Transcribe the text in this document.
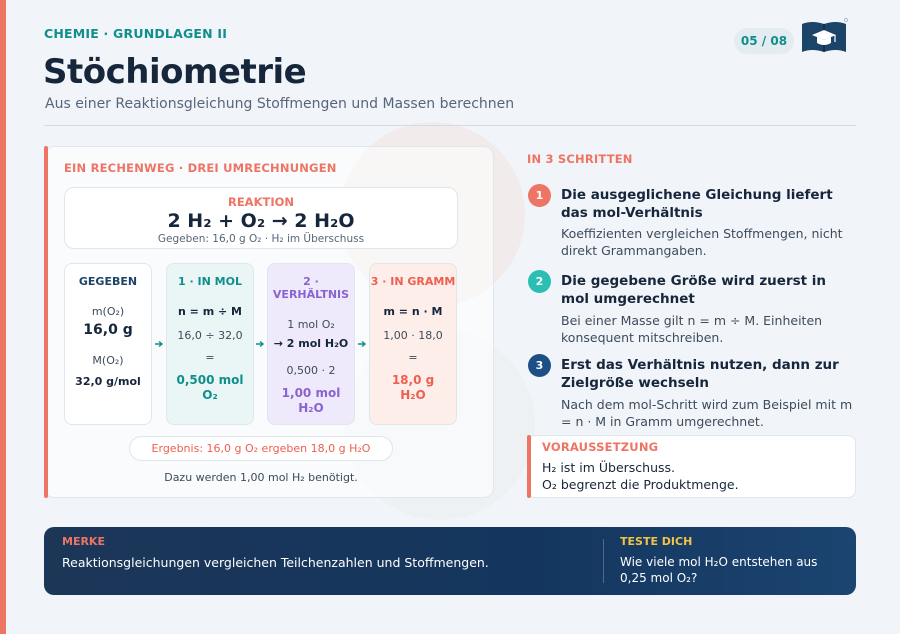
CHEMIE · GRUNDLAGEN II
Stöchiometrie
Aus einer Reaktionsgleichung Stoffmengen und Massen berechnen
05 / 08
EIN RECHENWEG · DREI UMRECHNUNGEN
REAKTION
2 H₂ + O₂ → 2 H₂O
Gegeben: 16,0 g O₂ · H₂ im Überschuss
GEGEBEN
m(O₂)
16,0 g
M(O₂)
32,0 g/mol
1 · IN MOL
n = m ÷ M
16,0 ÷ 32,0
=
0,500 mol
O₂
2 · VERHÄLTNIS
1 mol O₂
→ 2 mol H₂O
0,500 · 2
1,00 mol
H₂O
3 · IN GRAMM
m = n · M
1,00 · 18,0
=
18,0 g
H₂O
Ergebnis: 16,0 g O₂ ergeben 18,0 g H₂O
Dazu werden 1,00 mol H₂ benötigt.
IN 3 SCHRITTEN
1	Die ausgeglichene Gleichung liefert das mol-Verhältnis
Koeffizienten vergleichen Stoffmengen, nicht direkt Grammangaben.
2	Die gegebene Größe wird zuerst in mol umgerechnet
Bei einer Masse gilt n = m ÷ M. Einheiten konsequent mitschreiben.
3	Erst das Verhältnis nutzen, dann zur Zielgröße wechseln
Nach dem mol-Schritt wird zum Beispiel mit m = n · M in Gramm umgerechnet.
VORAUSSETZUNG
H₂ ist im Überschuss.
O₂ begrenzt die Produktmenge.
MERKE
Reaktionsgleichungen vergleichen Teilchenzahlen und Stoffmengen.
TESTE DICH
Wie viele mol H₂O entstehen aus 0,25 mol O₂?
